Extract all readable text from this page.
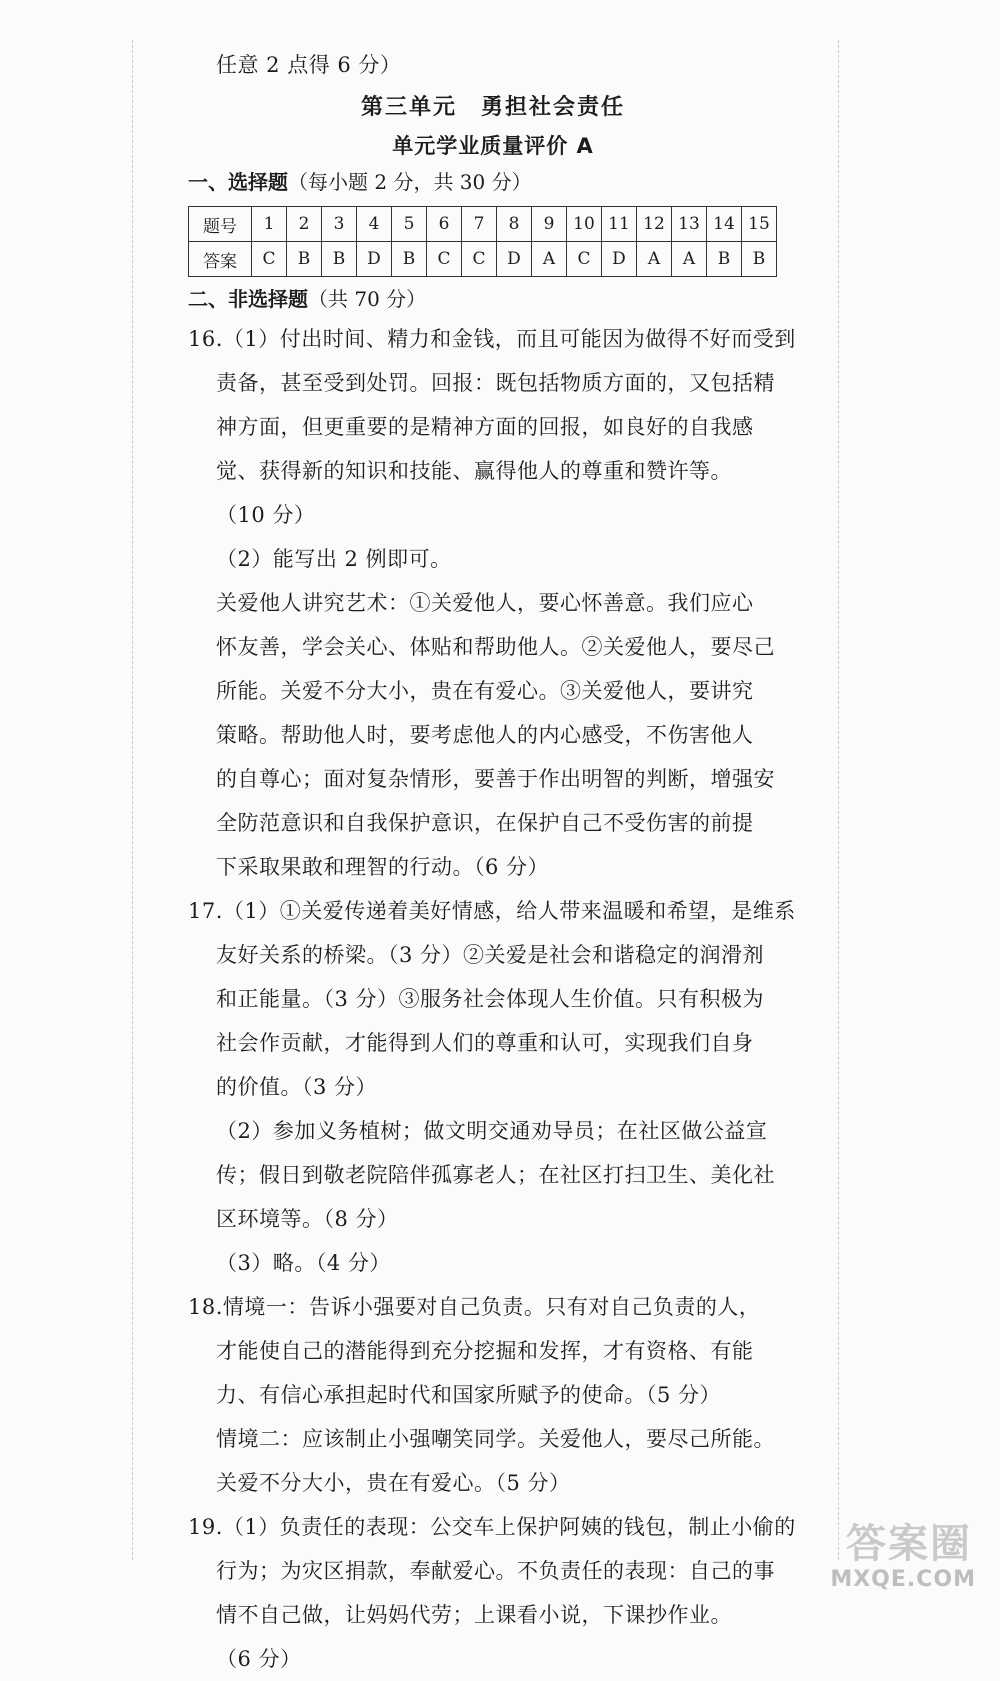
任意 2 点得 6 分）

第三单元　勇担社会责任
单元学业质量评价 A
一、选择题（每小题 2 分，共 30 分）
题号	1	2	3	4	5	6	7	8	9	10	11	12	13	14	15
答案	C	B	B	D	B	C	C	D	A	C	D	A	A	B	B
二、非选择题（共 70 分）

16.（1）付出时间、精力和金钱，而且可能因为做得不好而受到

责备，甚至受到处罚。回报：既包括物质方面的，又包括精

神方面，但更重要的是精神方面的回报，如良好的自我感

觉、获得新的知识和技能、赢得他人的尊重和赞许等。

（10 分）

（2）能写出 2 例即可。

关爱他人讲究艺术：①关爱他人，要心怀善意。我们应心

怀友善，学会关心、体贴和帮助他人。②关爱他人，要尽己

所能。关爱不分大小，贵在有爱心。③关爱他人，要讲究

策略。帮助他人时，要考虑他人的内心感受，不伤害他人

的自尊心；面对复杂情形，要善于作出明智的判断，增强安

全防范意识和自我保护意识，在保护自己不受伤害的前提

下采取果敢和理智的行动。（6 分）

17.（1）①关爱传递着美好情感，给人带来温暖和希望，是维系

友好关系的桥梁。（3 分）②关爱是社会和谐稳定的润滑剂

和正能量。（3 分）③服务社会体现人生价值。只有积极为

社会作贡献，才能得到人们的尊重和认可，实现我们自身

的价值。（3 分）

（2）参加义务植树；做文明交通劝导员；在社区做公益宣

传；假日到敬老院陪伴孤寡老人；在社区打扫卫生、美化社

区环境等。（8 分）

（3）略。（4 分）

18.情境一：告诉小强要对自己负责。只有对自己负责的人，

才能使自己的潜能得到充分挖掘和发挥，才有资格、有能

力、有信心承担起时代和国家所赋予的使命。（5 分）

情境二：应该制止小强嘲笑同学。关爱他人，要尽己所能。

关爱不分大小，贵在有爱心。（5 分）

19.（1）负责任的表现：公交车上保护阿姨的钱包，制止小偷的

行为；为灾区捐款，奉献爱心。不负责任的表现：自己的事

情不自己做，让妈妈代劳；上课看小说，下课抄作业。

（6 分）

答案圈
MXQE.COM
